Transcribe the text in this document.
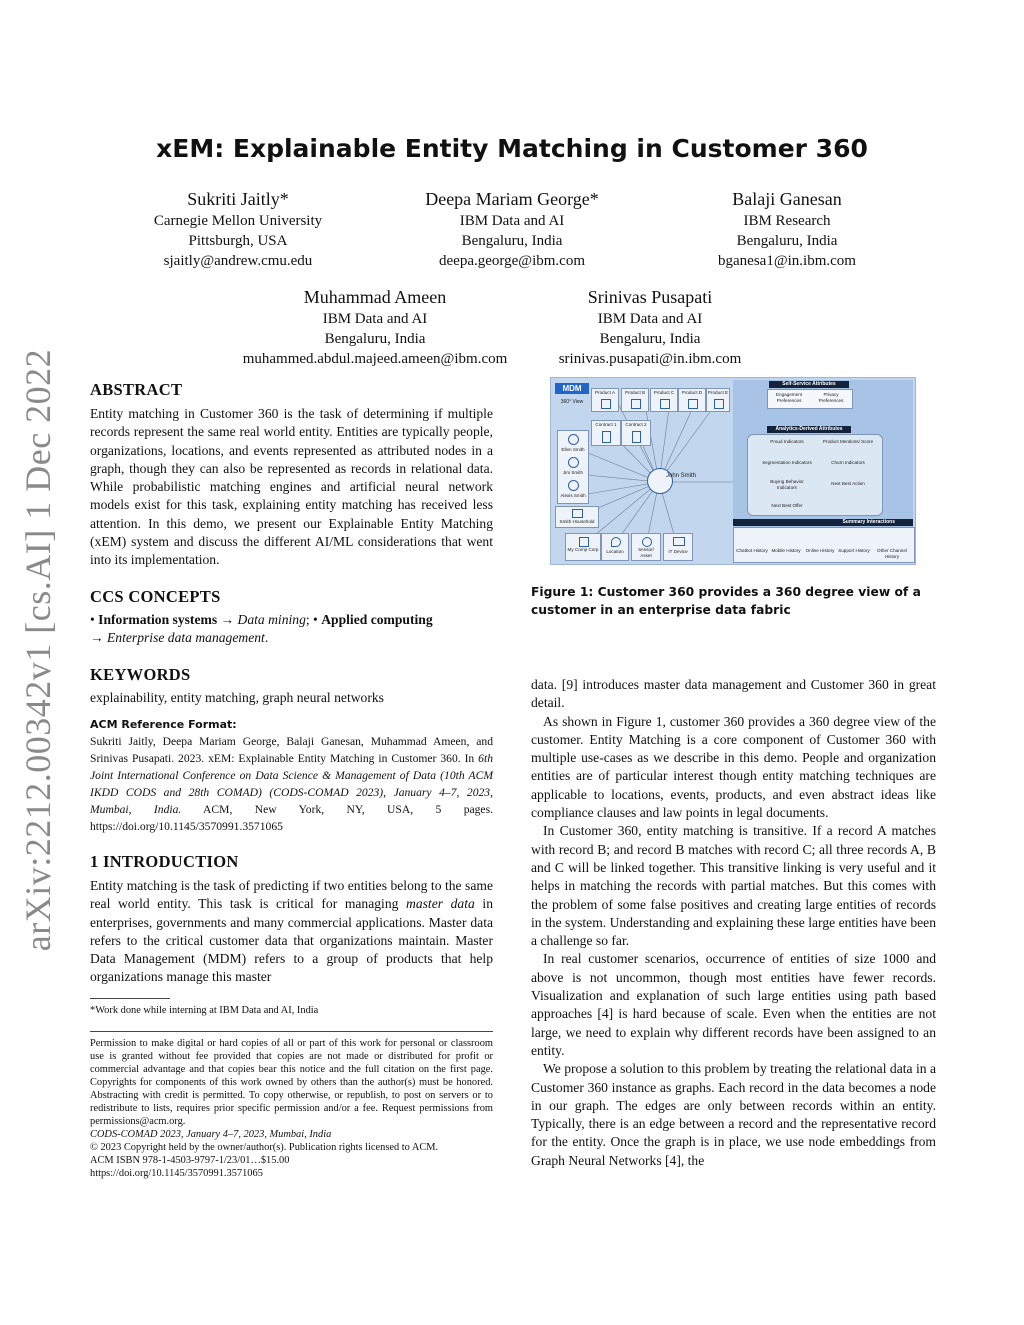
arXiv:2212.00342v1 [cs.AI] 1 Dec 2022
xEM: Explainable Entity Matching in Customer 360
Sukriti Jaitly*
Carnegie Mellon University
Pittsburgh, USA
sjaitly@andrew.cmu.edu
Deepa Mariam George*
IBM Data and AI
Bengaluru, India
deepa.george@ibm.com
Balaji Ganesan
IBM Research
Bengaluru, India
bganesa1@in.ibm.com
Muhammad Ameen
IBM Data and AI
Bengaluru, India
muhammed.abdul.majeed.ameen@ibm.com
Srinivas Pusapati
IBM Data and AI
Bengaluru, India
srinivas.pusapati@in.ibm.com
ABSTRACT
Entity matching in Customer 360 is the task of determining if multiple records represent the same real world entity. Entities are typically people, organizations, locations, and events represented as attributed nodes in a graph, though they can also be represented as records in relational data. While probabilistic matching engines and artificial neural network models exist for this task, explaining entity matching has received less attention. In this demo, we present our Explainable Entity Matching (xEM) system and discuss the different AI/ML considerations that went into its implementation.
CCS CONCEPTS

• Information systems → Data mining; • Applied computing
→ Enterprise data management.

KEYWORDS
explainability, entity matching, graph neural networks
ACM Reference Format:
Sukriti Jaitly, Deepa Mariam George, Balaji Ganesan, Muhammad Ameen, and Srinivas Pusapati. 2023. xEM: Explainable Entity Matching in Customer 360. In 6th Joint International Conference on Data Science & Management of Data (10th ACM IKDD CODS and 28th COMAD) (CODS-COMAD 2023), January 4–7, 2023, Mumbai, India. ACM, New York, NY, USA, 5 pages. https://doi.org/10.1145/3570991.3571065
1 INTRODUCTION
Entity matching is the task of predicting if two entities belong to the same real world entity. This task is critical for managing master data in enterprises, governments and many commercial applications. Master data refers to the critical customer data that organizations maintain. Master Data Management (MDM) refers to a group of products that help organizations manage this master
*Work done while interning at IBM Data and AI, India
Permission to make digital or hard copies of all or part of this work for personal or classroom use is granted without fee provided that copies are not made or distributed for profit or commercial advantage and that copies bear this notice and the full citation on the first page. Copyrights for components of this work owned by others than the author(s) must be honored. Abstracting with credit is permitted. To copy otherwise, or republish, to post on servers or to redistribute to lists, requires prior specific permission and/or a fee. Request permissions from permissions@acm.org.
CODS-COMAD 2023, January 4–7, 2023, Mumbai, India
© 2023 Copyright held by the owner/author(s). Publication rights licensed to ACM.
ACM ISBN 978-1-4503-9797-1/23/01…$15.00
https://doi.org/10.1145/3570991.3571065
MDM
360° View
Product A	Product B	Product C	Product D	Product E
Contract 1	Contract 2
Ellen Smith
Jim Smith
Alexis Smith
Smith Household
John Smith
My Comp Corp	Location	Sensor/ Asset
IT Device
Self-Service Attributes
Engagement Preferences
Privacy Preferences
Analytics-Derived Attributes
Proud Indicators	Product Mentions/ Score
Segmentation Indicators	Churn Indicators
Buying Behavior Indicators
Next Best Action
Next Best Offer
Summary Interactions
Chatbot History Mobile History	Online History Support History	Other Channel History
Figure 1: Customer 360 provides a 360 degree view of a customer in an enterprise data fabric

data. [9] introduces master data management and Customer 360 in great detail.

As shown in Figure 1, customer 360 provides a 360 degree view of the customer. Entity Matching is a core component of Customer 360 with multiple use-cases as we describe in this demo. People and organization entities are of particular interest though entity matching techniques are applicable to locations, events, products, and even abstract ideas like compliance clauses and law points in legal documents.

In Customer 360, entity matching is transitive. If a record A matches with record B; and record B matches with record C; all three records A, B and C will be linked together. This transitive linking is very useful and it helps in matching the records with partial matches. But this comes with the problem of some false positives and creating large entities of records in the system. Understanding and explaining these large entities have been a challenge so far.

In real customer scenarios, occurrence of entities of size 1000 and above is not uncommon, though most entities have fewer records. Visualization and explanation of such large entities using path based approaches [4] is hard because of scale. Even when the entities are not large, we need to explain why different records have been assigned to an entity.

We propose a solution to this problem by treating the relational data in a Customer 360 instance as graphs. Each record in the data becomes a node in our graph. The edges are only between records within an entity. Typically, there is an edge between a record and the representative record for the entity. Once the graph is in place, we use node embeddings from Graph Neural Networks [4], the
